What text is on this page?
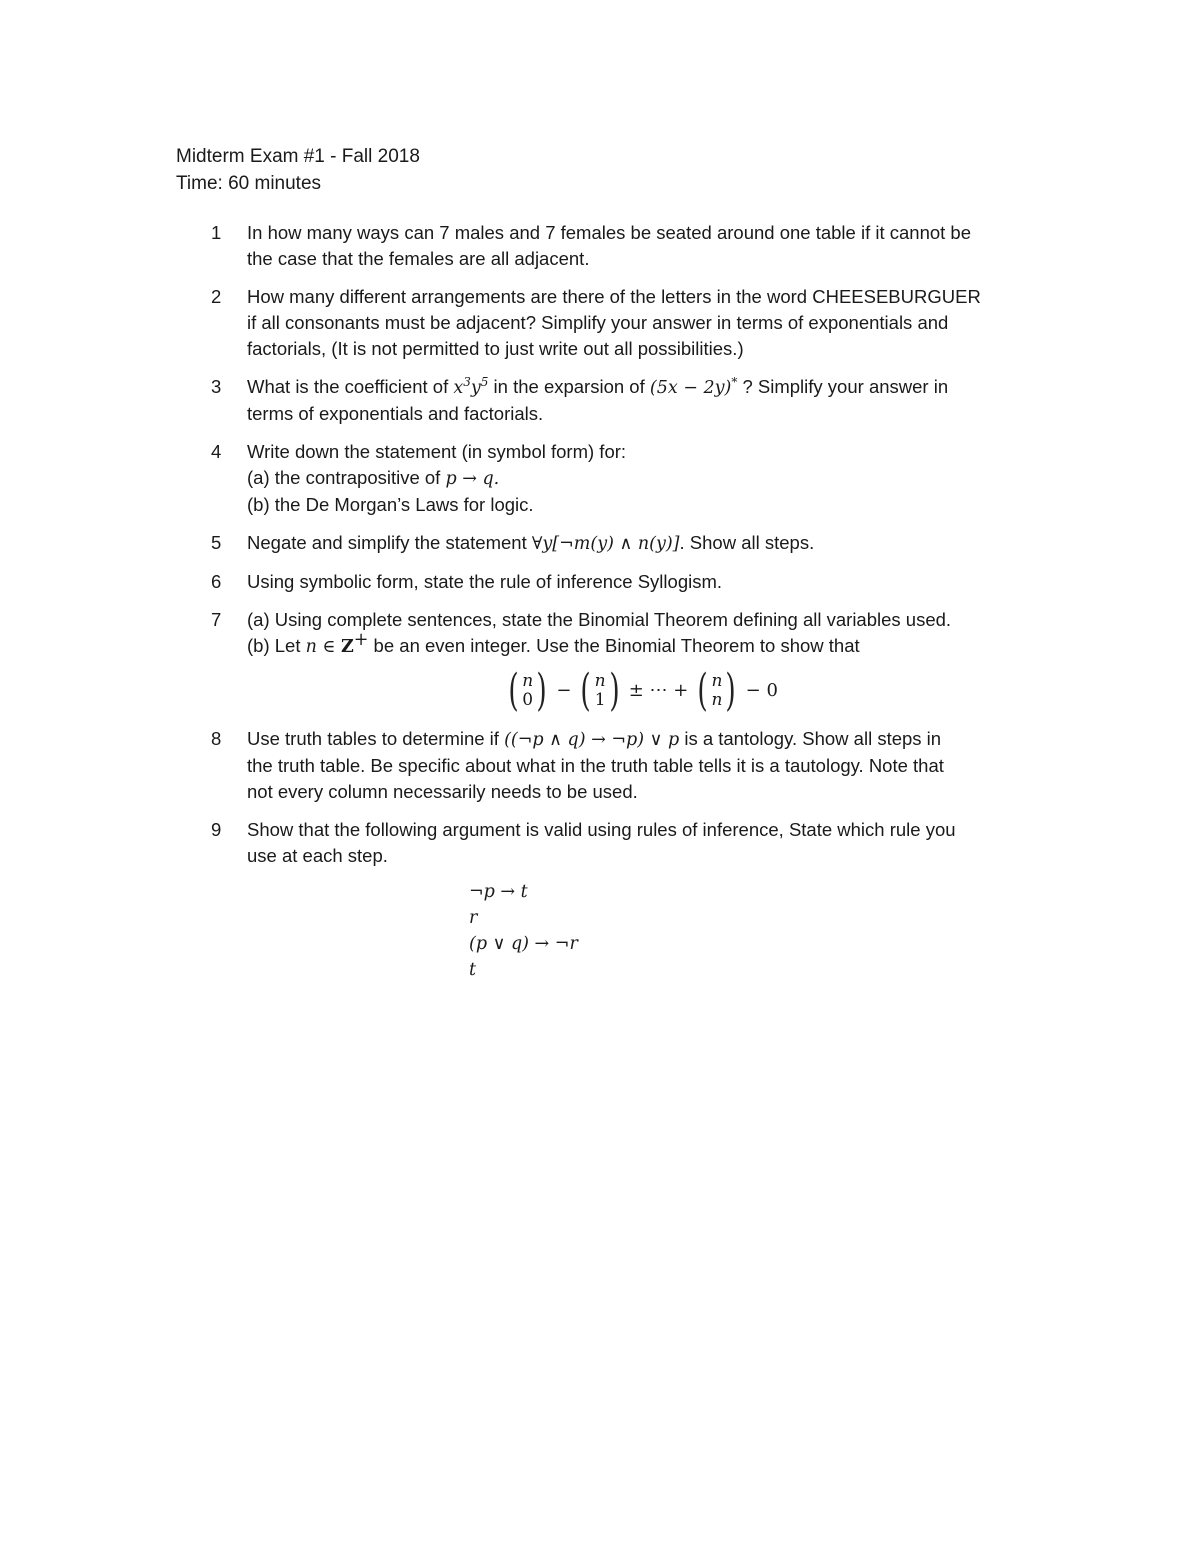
Midterm Exam #1 - Fall 2018
Time: 60 minutes
1 In how many ways can 7 males and 7 females be seated around one table if it cannot be
the case that the females are all adjacent.
2 How many different arrangements are there of the letters in the word CHEESEBURGUER
if all consonants must be adjacent? Simplify your answer in terms of exponentials and
factorials, (It is not permitted to just write out all possibilities.)
3 What is the coefficient of $x^3y^5$ in the exparsion of (5x − 2y)* ? Simplify your answer in
terms of exponentials and factorials.
4 Write down the statement (in symbol form) for:
(a) the contrapositive of p → q.
(b) the De Morgan’s Laws for logic.
5 Negate and simplify the statement ∀y[¬m(y) ∧ n(y)]. Show all steps.
6 Using symbolic form, state the rule of inference Syllogism.
7 (a) Using complete sentences, state the Binomial Theorem defining all variables used.
(b) Let n ∈ Z+ be an even integer. Use the Binomial Theorem to show that
( n
0 ) − ( n
1 ) ± ⋯ + ( n
n ) − 0
8 Use truth tables to determine if ((¬p ∧ q) → ¬p) ∨ p is a tantology. Show all steps in
the truth table. Be specific about what in the truth table tells it is a tautology. Note that
not every column necessarily needs to be used.
9 Show that the following argument is valid using rules of inference, State which rule you
use at each step.
¬p → t
r
(p ∨ q) → ¬r
t
